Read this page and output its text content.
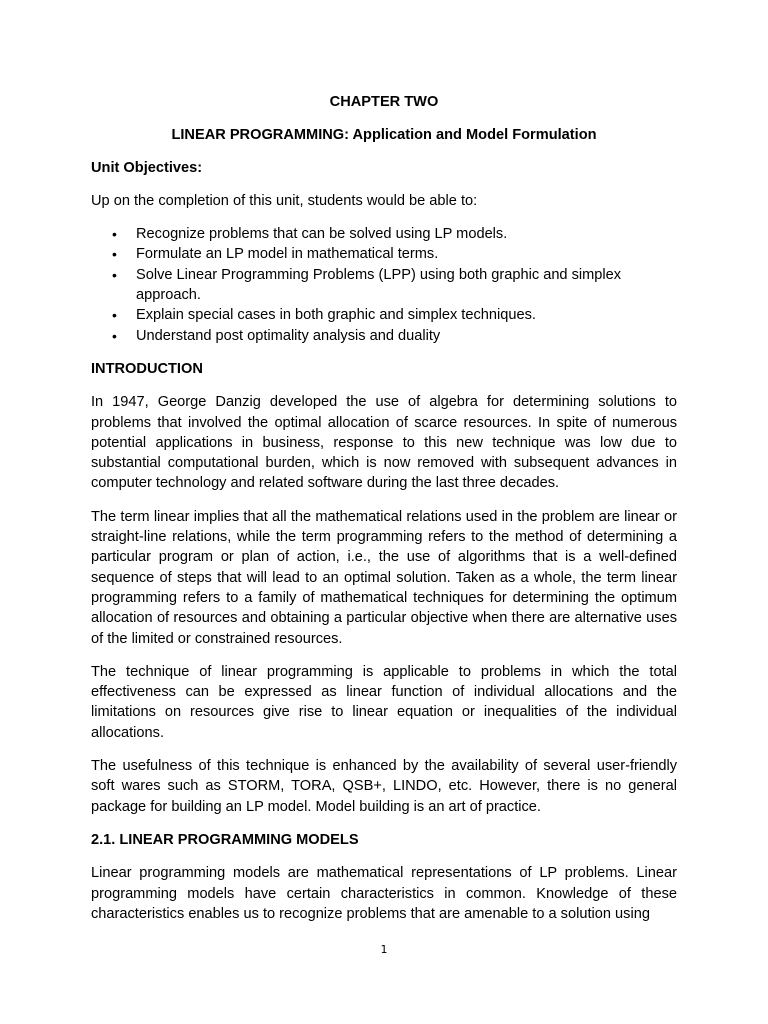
CHAPTER TWO
LINEAR PROGRAMMING: Application and Model Formulation
Unit Objectives:

Up on the completion of this unit, students would be able to:

• Recognize problems that can be solved using LP models.
• Formulate an LP model in mathematical terms.
• Solve Linear Programming Problems (LPP) using both graphic and simplex approach.
• Explain special cases in both graphic and simplex techniques.
• Understand post optimality analysis and duality
INTRODUCTION

In 1947, George Danzig developed the use of algebra for determining solutions to problems that involved the optimal allocation of scarce resources. In spite of numerous potential applications in business, response to this new technique was low due to substantial computational burden, which is now removed with subsequent advances in computer technology and related software during the last three decades.

The term linear implies that all the mathematical relations used in the problem are linear or straight-line relations, while the term programming refers to the method of determining a particular program or plan of action, i.e., the use of algorithms that is a well-defined sequence of steps that will lead to an optimal solution. Taken as a whole, the term linear programming refers to a family of mathematical techniques for determining the optimum allocation of resources and obtaining a particular objective when there are alternative uses of the limited or constrained resources.

The technique of linear programming is applicable to problems in which the total effectiveness can be expressed as linear function of individual allocations and the limitations on resources give rise to linear equation or inequalities of the individual allocations.

The usefulness of this technique is enhanced by the availability of several user-friendly soft wares such as STORM, TORA, QSB+, LINDO, etc. However, there is no general package for building an LP model. Model building is an art of practice.

2.1. LINEAR PROGRAMMING MODELS

Linear programming models are mathematical representations of LP problems. Linear programming models have certain characteristics in common. Knowledge of these characteristics enables us to recognize problems that are amenable to a solution using

1
